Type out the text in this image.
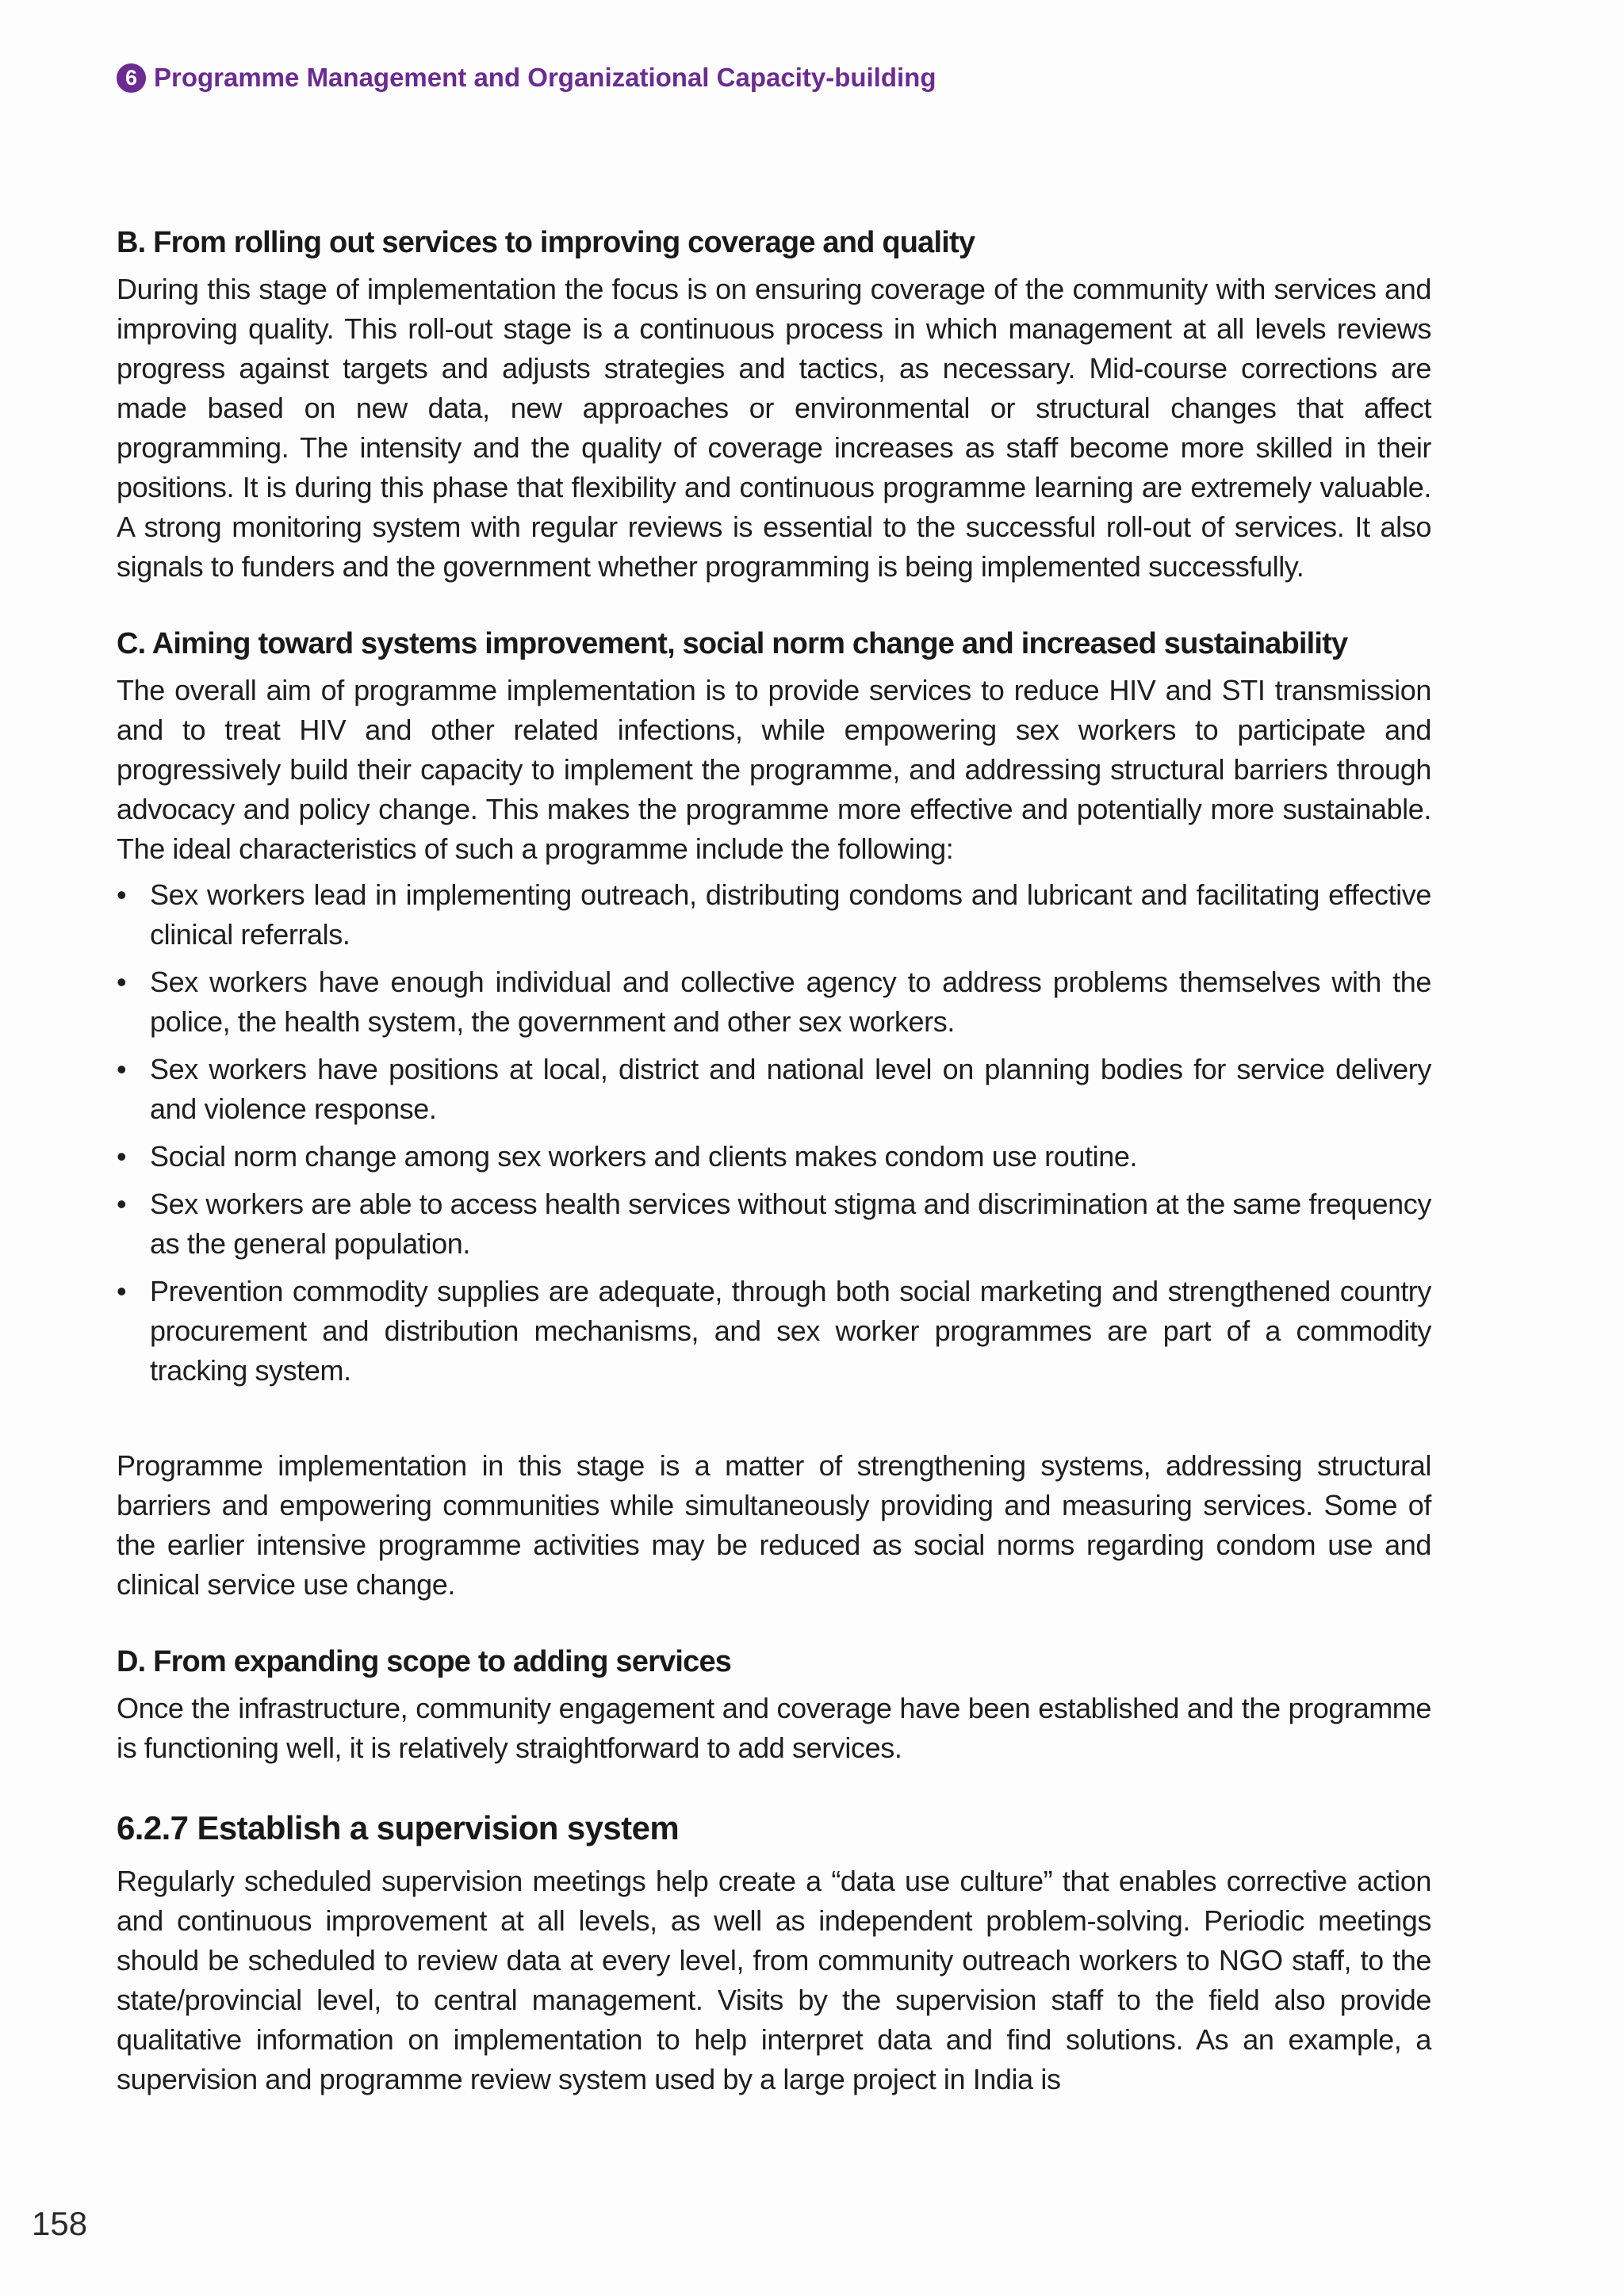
6 Programme Management and Organizational Capacity-building
B. From rolling out services to improving coverage and quality

During this stage of implementation the focus is on ensuring coverage of the community with services and improving quality. This roll-out stage is a continuous process in which management at all levels reviews progress against targets and adjusts strategies and tactics, as necessary. Mid-course corrections are made based on new data, new approaches or environmental or structural changes that affect programming. The intensity and the quality of coverage increases as staff become more skilled in their positions. It is during this phase that flexibility and continuous programme learning are extremely valuable. A strong monitoring system with regular reviews is essential to the successful roll-out of services. It also signals to funders and the government whether programming is being implemented successfully.

C. Aiming toward systems improvement, social norm change and increased sustainability

The overall aim of programme implementation is to provide services to reduce HIV and STI transmission and to treat HIV and other related infections, while empowering sex workers to participate and progressively build their capacity to implement the programme, and addressing structural barriers through advocacy and policy change. This makes the programme more effective and potentially more sustainable. The ideal characteristics of such a programme include the following:

• Sex workers lead in implementing outreach, distributing condoms and lubricant and facilitating effective clinical referrals.
• Sex workers have enough individual and collective agency to address problems themselves with the police, the health system, the government and other sex workers.
• Sex workers have positions at local, district and national level on planning bodies for service delivery and violence response.
• Social norm change among sex workers and clients makes condom use routine.
• Sex workers are able to access health services without stigma and discrimination at the same frequency as the general population.
• Prevention commodity supplies are adequate, through both social marketing and strengthened country procurement and distribution mechanisms, and sex worker programmes are part of a commodity tracking system.

Programme implementation in this stage is a matter of strengthening systems, addressing structural barriers and empowering communities while simultaneously providing and measuring services. Some of the earlier intensive programme activities may be reduced as social norms regarding condom use and clinical service use change.

D. From expanding scope to adding services

Once the infrastructure, community engagement and coverage have been established and the programme is functioning well, it is relatively straightforward to add services.

6.2.7 Establish a supervision system

Regularly scheduled supervision meetings help create a “data use culture” that enables corrective action and continuous improvement at all levels, as well as independent problem-solving. Periodic meetings should be scheduled to review data at every level, from community outreach workers to NGO staff, to the state/provincial level, to central management. Visits by the supervision staff to the field also provide qualitative information on implementation to help interpret data and find solutions. As an example, a supervision and programme review system used by a large project in India is

158
